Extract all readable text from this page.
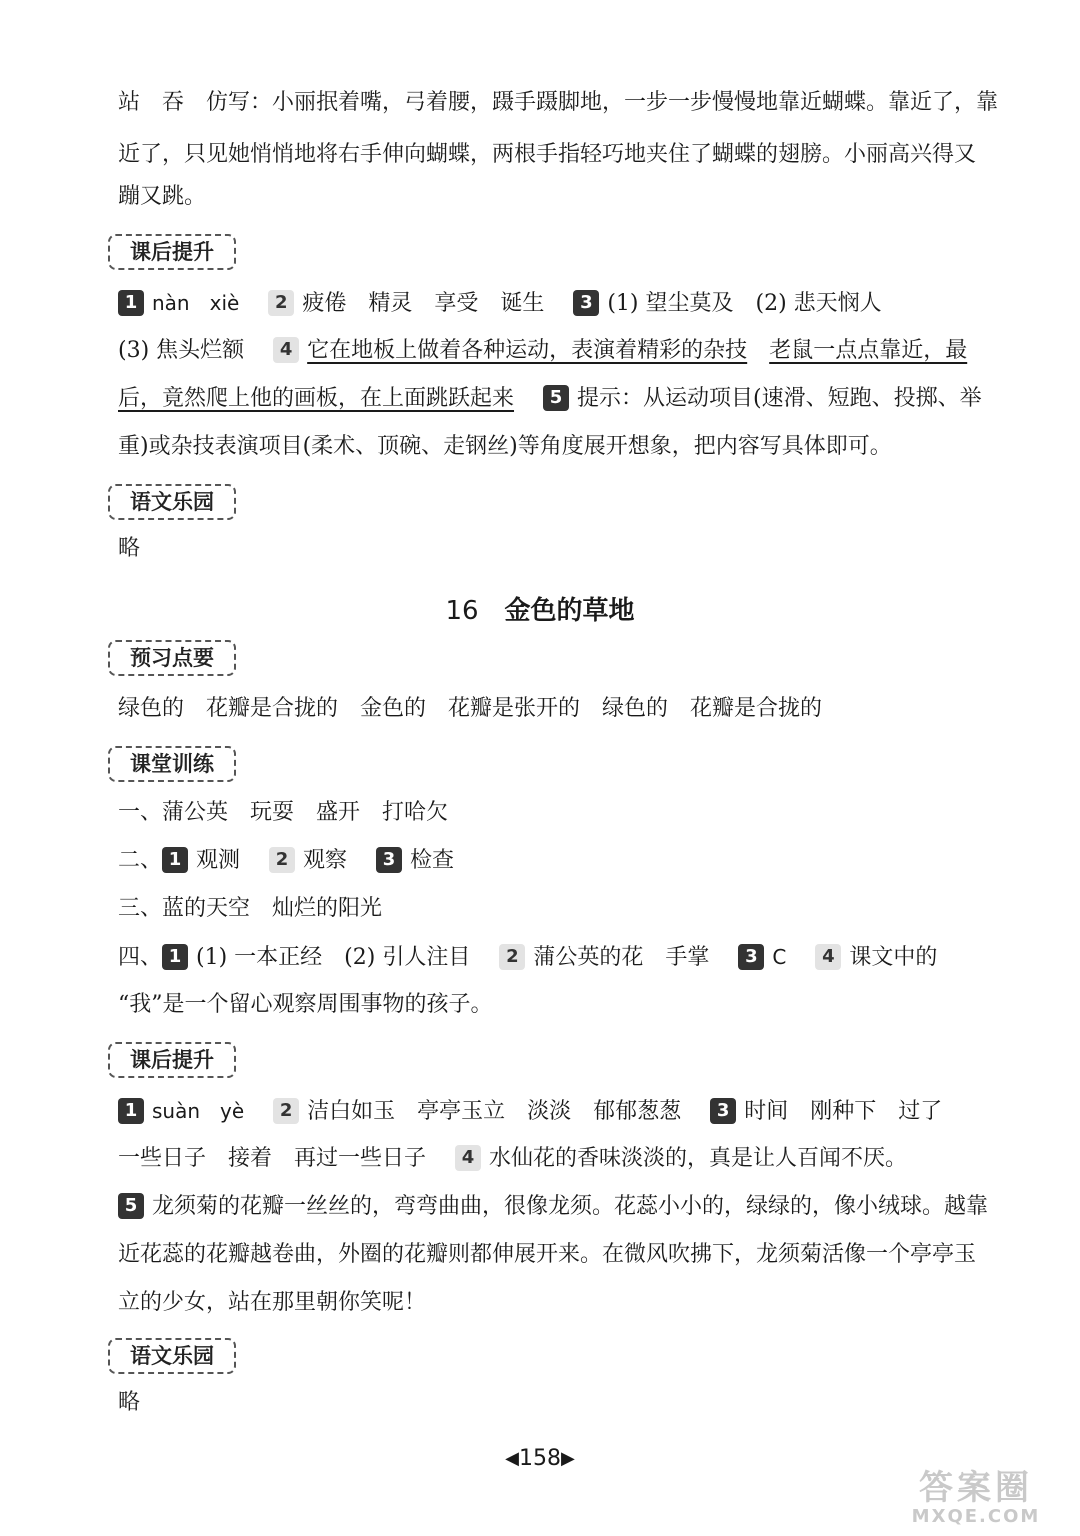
站　吞　仿写：小丽抿着嘴，弓着腰，蹑手蹑脚地，一步一步慢慢地靠近蝴蝶。靠近了，靠
近了，只见她悄悄地将右手伸向蝴蝶，两根手指轻巧地夹住了蝴蝶的翅膀。小丽高兴得又
蹦又跳。
课后提升
1 nàn　xiè 2 疲倦　精灵　享受　诞生 3 (1) 望尘莫及　(2) 悲天悯人
(3) 焦头烂额 4 它在地板上做着各种运动，表演着精彩的杂技 老鼠一点点靠近，最
后，竟然爬上他的画板，在上面跳跃起来 5 提示：从运动项目(速滑、短跑、投掷、举
重)或杂技表演项目(柔术、顶碗、走钢丝)等角度展开想象，把内容写具体即可。
语文乐园
略
16 金色的草地
预习点要
绿色的　花瓣是合拢的　金色的　花瓣是张开的　绿色的　花瓣是合拢的
课堂训练
一、蒲公英　玩耍　盛开　打哈欠
二、 1 观测 2 观察 3 检查
三、蓝的天空　灿烂的阳光
四、 1 (1) 一本正经　(2) 引人注目 2 蒲公英的花　手掌 3 C 4 课文中的
“我”是一个留心观察周围事物的孩子。
课后提升
1 suàn　yè 2 洁白如玉　亭亭玉立　淡淡　郁郁葱葱 3 时间　刚种下　过了
一些日子　接着　再过一些日子 4 水仙花的香味淡淡的，真是让人百闻不厌。
5 龙须菊的花瓣一丝丝的，弯弯曲曲，很像龙须。花蕊小小的，绿绿的，像小绒球。越靠
近花蕊的花瓣越卷曲，外圈的花瓣则都伸展开来。在微风吹拂下，龙须菊活像一个亭亭玉
立的少女，站在那里朝你笑呢！
语文乐园
略
◀158▶
答案圈
MXQE.COM
